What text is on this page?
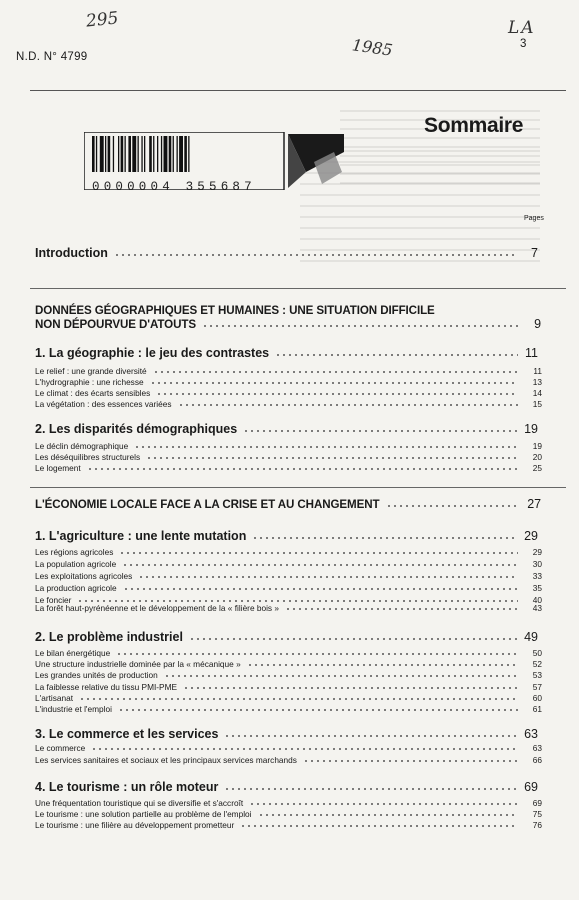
295
1985
LA
N.D. N° 4799
3
0000004 355687
Sommaire
Pages
Introduction	7
DONNÉES GÉOGRAPHIQUES ET HUMAINES : UNE SITUATION DIFFICILE
NON DÉPOURVUE D'ATOUTS	9
1. La géographie : le jeu des contrastes	11
Le relief : une grande diversité	11
L'hydrographie : une richesse	13
Le climat : des écarts sensibles	14
La végétation : des essences variées	15
2. Les disparités démographiques	19
Le déclin démographique	19
Les déséquilibres structurels	20
Le logement	25
L'ÉCONOMIE LOCALE FACE A LA CRISE ET AU CHANGEMENT	27
1. L'agriculture : une lente mutation	29
Les régions agricoles	29
La population agricole	30
Les exploitations agricoles	33
La production agricole	35
Le foncier	40
La forêt haut-pyrénéenne et le développement de la « filière bois »	43
2. Le problème industriel	49
Le bilan énergétique	50
Une structure industrielle dominée par la « mécanique »	52
Les grandes unités de production	53
La faiblesse relative du tissu PMI-PME	57
L'artisanat	60
L'industrie et l'emploi	61
3. Le commerce et les services	63
Le commerce	63
Les services sanitaires et sociaux et les principaux services marchands	66
4. Le tourisme : un rôle moteur	69
Une fréquentation touristique qui se diversifie et s'accroît	69
Le tourisme : une solution partielle au problème de l'emploi	75
Le tourisme : une filière au développement prometteur	76
